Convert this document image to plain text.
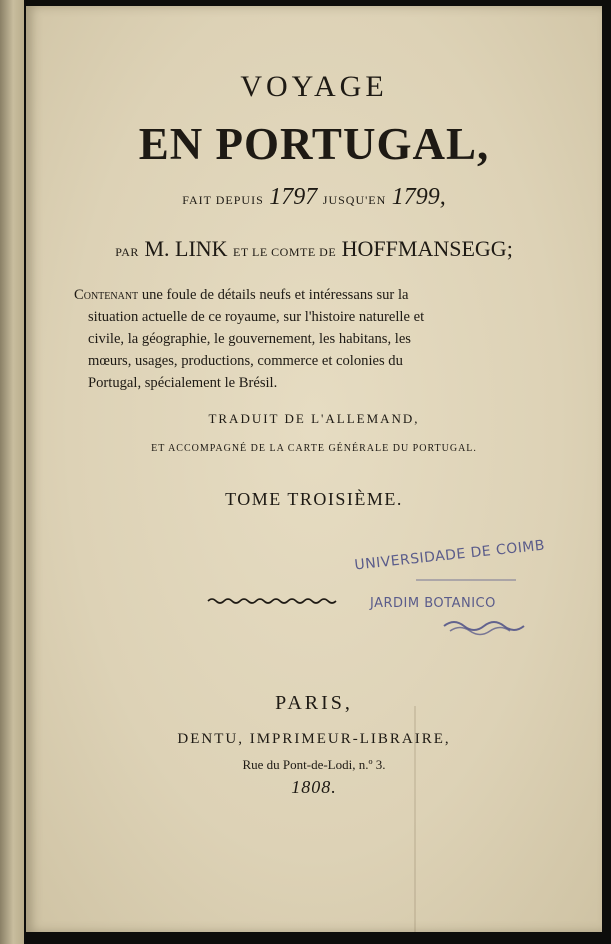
VOYAGE
EN PORTUGAL,
FAIT DEPUIS 1797 JUSQU'EN 1799,
PAR M. LINK ET LE COMTE DE HOFFMANSEGG;

Contenant une foule de détails neufs et intéressans sur la
situation actuelle de ce royaume, sur l'histoire naturelle et
civile, la géographie, le gouvernement, les habitans, les
mœurs, usages, productions, commerce et colonies du
Portugal, spécialement le Brésil.

TRADUIT DE L'ALLEMAND,
ET ACCOMPAGNÉ DE LA CARTE GÉNÉRALE DU PORTUGAL.
TOME TROISIÈME.
UNIVERSIDADE DE COIMB
JARDIM BOTANICO
PARIS,
DENTU, IMPRIMEUR-LIBRAIRE,
Rue du Pont-de-Lodi, n.º 3.
1808.
